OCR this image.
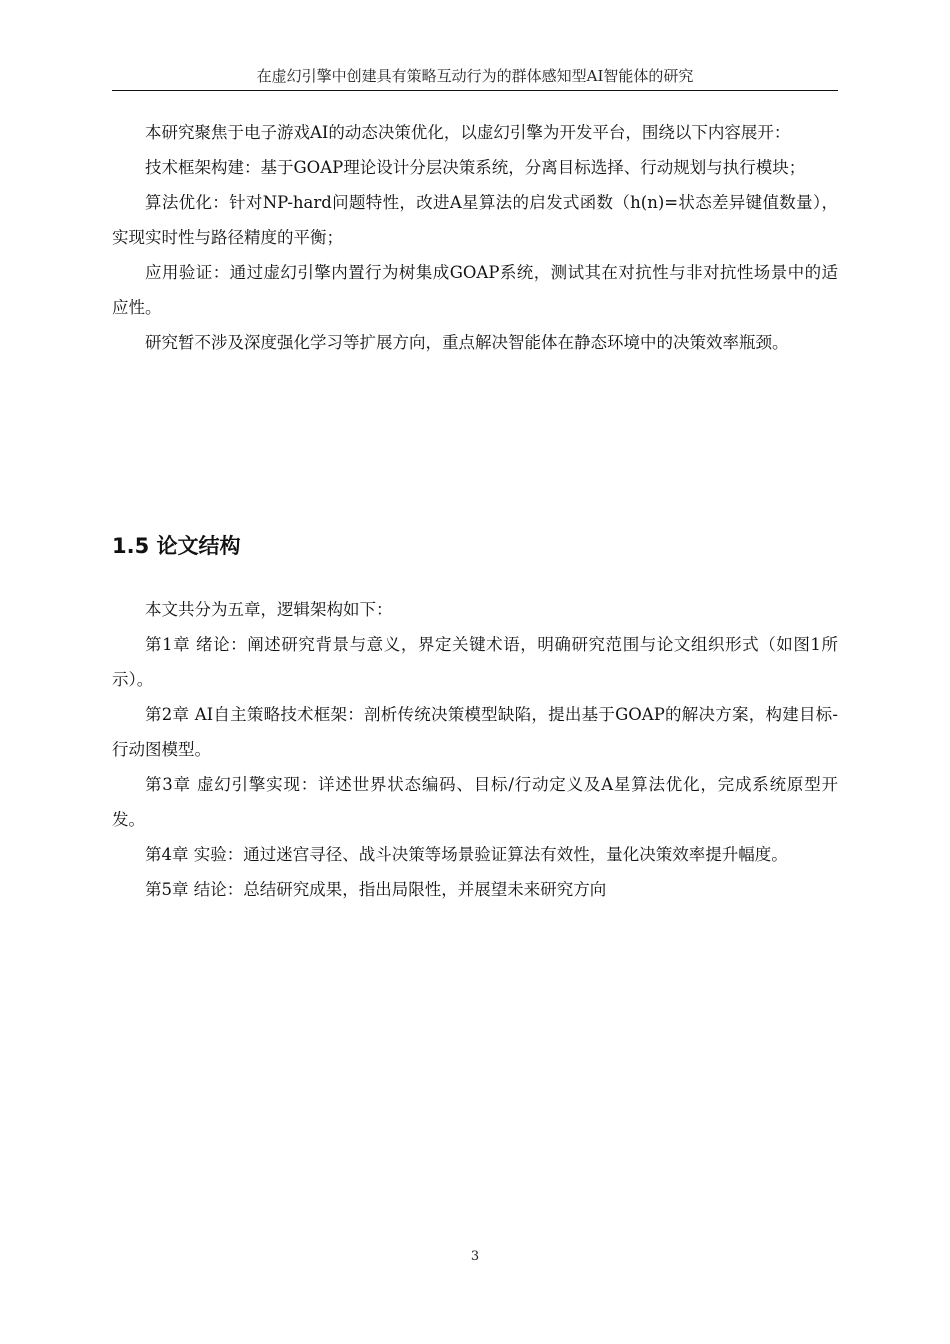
在虚幻引擎中创建具有策略互动行为的群体感知型AI智能体的研究

本研究聚焦于电子游戏AI的动态决策优化，以虚幻引擎为开发平台，围绕以下内容展开：

技术框架构建：基于GOAP理论设计分层决策系统，分离目标选择、行动规划与执行模块；

算法优化：针对NP-hard问题特性，改进A星算法的启发式函数（h(n)=状态差异键值数量），实现实时性与路径精度的平衡；

应用验证：通过虚幻引擎内置行为树集成GOAP系统，测试其在对抗性与非对抗性场景中的适应性。

研究暂不涉及深度强化学习等扩展方向，重点解决智能体在静态环境中的决策效率瓶颈。

1.5 论文结构

本文共分为五章，逻辑架构如下：

第1章 绪论：阐述研究背景与意义，界定关键术语，明确研究范围与论文组织形式（如图1所示）。

第2章 AI自主策略技术框架：剖析传统决策模型缺陷，提出基于GOAP的解决方案，构建目标-行动图模型。

第3章 虚幻引擎实现：详述世界状态编码、目标/行动定义及A星算法优化，完成系统原型开发。

第4章 实验：通过迷宫寻径、战斗决策等场景验证算法有效性，量化决策效率提升幅度。

第5章 结论：总结研究成果，指出局限性，并展望未来研究方向

3
